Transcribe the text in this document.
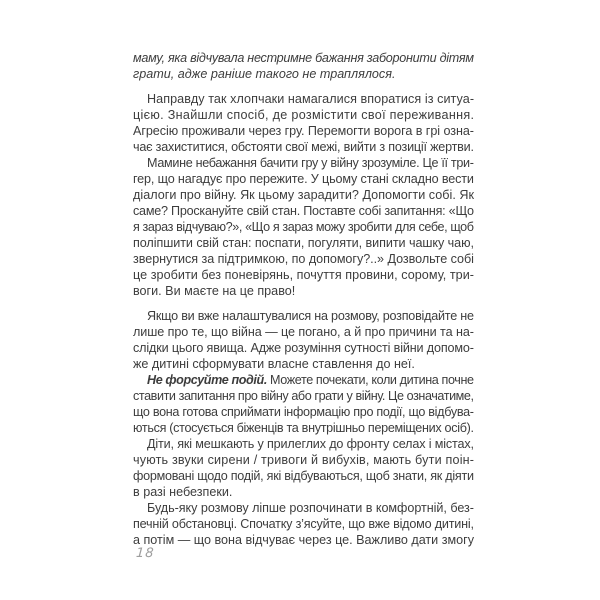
маму, яка відчувала нестримне бажання заборонити дітям
грати, адже раніше такого не траплялося.
Направду так хлопчаки намагалися впоратися із ситуа-
цією. Знайшли спосіб, де розмістити свої переживання.
Агресію проживали через гру. Перемогти ворога в грі озна-
чає захиститися, обстояти свої межі, вийти з позиції жертви.
Мамине небажання бачити гру у війну зрозуміле. Це її три-
гер, що нагадує про пережите. У цьому стані складно вести
діалоги про війну. Як цьому зарадити? Допомогти собі. Як
саме? Проскануйте свій стан. Поставте собі запитання: «Що
я зараз відчуваю?», «Що я зараз можу зробити для себе, щоб
поліпшити свій стан: поспати, погуляти, випити чашку чаю,
звернутися за підтримкою, по допомогу?..» Дозвольте собі
це зробити без поневірянь, почуття провини, сорому, три-
воги. Ви маєте на це право!
Якщо ви вже налаштувалися на розмову, розповідайте не
лише про те, що війна — це погано, а й про причини та на-
слідки цього явища. Адже розуміння сутності війни допомо-
же дитині сформувати власне ставлення до неї.
Не форсуйте подій. Можете почекати, коли дитина почне
ставити запитання про війну або грати у війну. Це означатиме,
що вона готова сприймати інформацію про події, що відбува-
ються (стосується біженців та внутрішньо переміщених осіб).
Діти, які мешкають у прилеглих до фронту селах і містах,
чують звуки сирени / тривоги й вибухів, мають бути поін-
формовані щодо подій, які відбуваються, щоб знати, як діяти
в разі небезпеки.
Будь-яку розмову ліпше розпочинати в комфортній, без-
печній обстановці. Спочатку з’ясуйте, що вже відомо дитині,
а потім — що вона відчуває через це. Важливо дати змогу
18
